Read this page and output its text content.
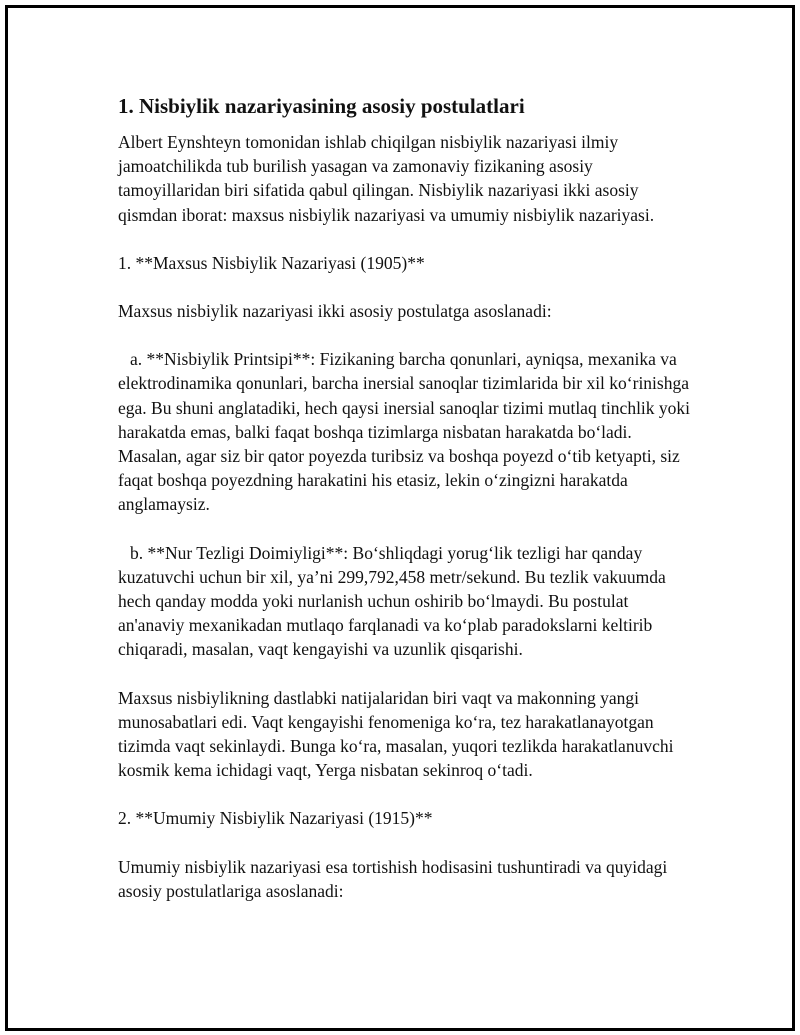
1. Nisbiylik nazariyasining asosiy postulatlari

Albert Eynshteyn tomonidan ishlab chiqilgan nisbiylik nazariyasi ilmiy jamoatchilikda tub burilish yasagan va zamonaviy fizikaning asosiy tamoyillaridan biri sifatida qabul qilingan. Nisbiylik nazariyasi ikki asosiy qismdan iborat: maxsus nisbiylik nazariyasi va umumiy nisbiylik nazariyasi.

1. **Maxsus Nisbiylik Nazariyasi (1905)**

Maxsus nisbiylik nazariyasi ikki asosiy postulatga asoslanadi:

a. **Nisbiylik Printsipi**: Fizikaning barcha qonunlari, ayniqsa, mexanika va elektrodinamika qonunlari, barcha inersial sanoqlar tizimlarida bir xil koʻrinishga ega. Bu shuni anglatadiki, hech qaysi inersial sanoqlar tizimi mutlaq tinchlik yoki harakatda emas, balki faqat boshqa tizimlarga nisbatan harakatda boʻladi. Masalan, agar siz bir qator poyezda turibsiz va boshqa poyezd oʻtib ketyapti, siz faqat boshqa poyezdning harakatini his etasiz, lekin oʻzingizni harakatda anglamaysiz.

b. **Nur Tezligi Doimiyligi**: Boʻshliqdagi yorugʻlik tezligi har qanday kuzatuvchi uchun bir xil, yaʼni 299,792,458 metr/sekund. Bu tezlik vakuumda hech qanday modda yoki nurlanish uchun oshirib boʻlmaydi. Bu postulat an'anaviy mexanikadan mutlaqo farqlanadi va koʻplab paradokslarni keltirib chiqaradi, masalan, vaqt kengayishi va uzunlik qisqarishi.

Maxsus nisbiylikning dastlabki natijalaridan biri vaqt va makonning yangi munosabatlari edi. Vaqt kengayishi fenomeniga koʻra, tez harakatlanayotgan tizimda vaqt sekinlaydi. Bunga koʻra, masalan, yuqori tezlikda harakatlanuvchi kosmik kema ichidagi vaqt, Yerga nisbatan sekinroq oʻtadi.

2. **Umumiy Nisbiylik Nazariyasi (1915)**

Umumiy nisbiylik nazariyasi esa tortishish hodisasini tushuntiradi va quyidagi asosiy postulatlariga asoslanadi:
